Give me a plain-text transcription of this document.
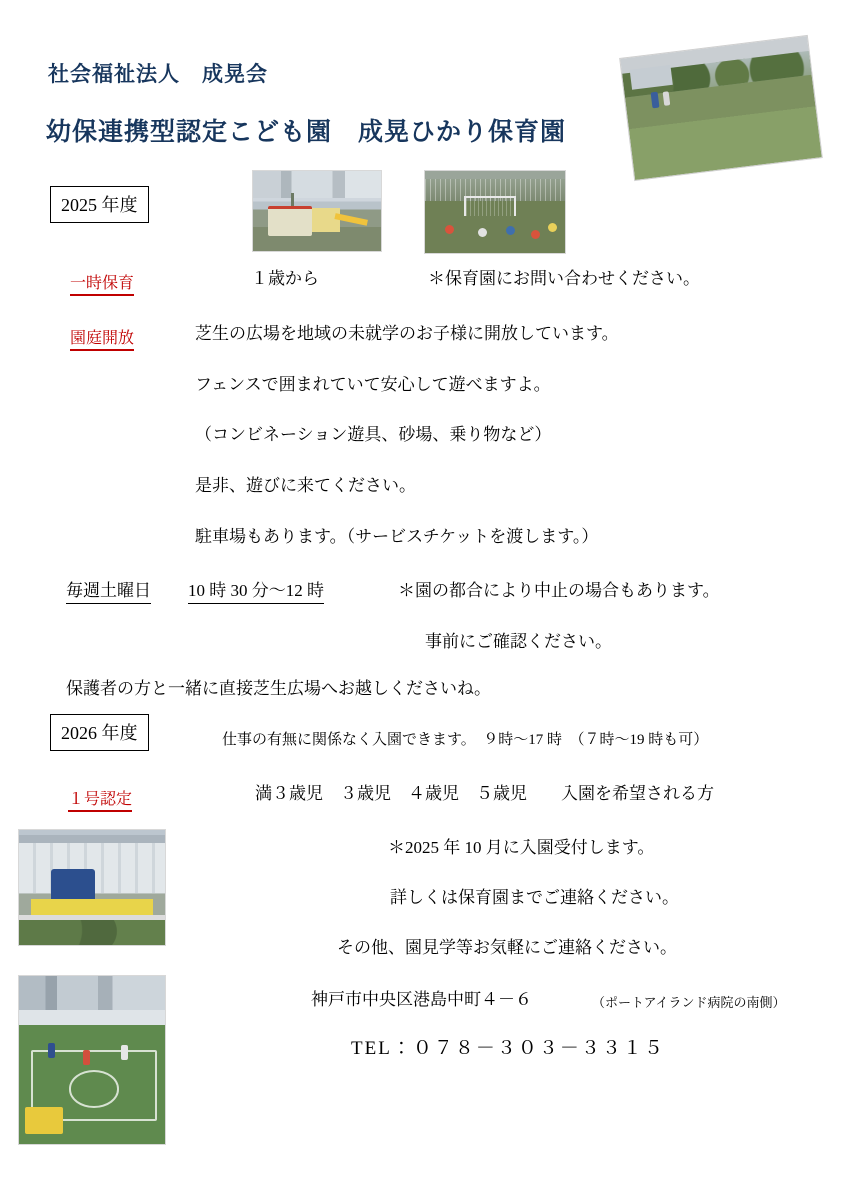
社会福祉法人　成晃会
幼保連携型認定こども園　成晃ひかり保育園
2025 年度
一時保育	１歳から	＊保育園にお問い合わせください。
園庭開放	芝生の広場を地域の未就学のお子様に開放しています。
フェンスで囲まれていて安心して遊べますよ。
（コンビネーション遊具、砂場、乗り物など）
是非、遊びに来てください。
駐車場もあります。（サービスチケットを渡します。）
毎週土曜日 10 時 30 分～12 時	＊園の都合により中止の場合もあります。
事前にご確認ください。
保護者の方と一緒に直接芝生広場へお越しくださいね。
2026 年度	仕事の有無に関係なく入園できます。　９時～17 時　（７時～19 時も可）
１号認定	満３歳児　３歳児　４歳児　５歳児　　入園を希望される方
＊2025 年 10 月に入園受付します。
詳しくは保育園までご連絡ください。
その他、園見学等お気軽にご連絡ください。
神戸市中央区港島中町４－６	（ポートアイランド病院の南側）
TEL：０７８－３０３－３３１５
